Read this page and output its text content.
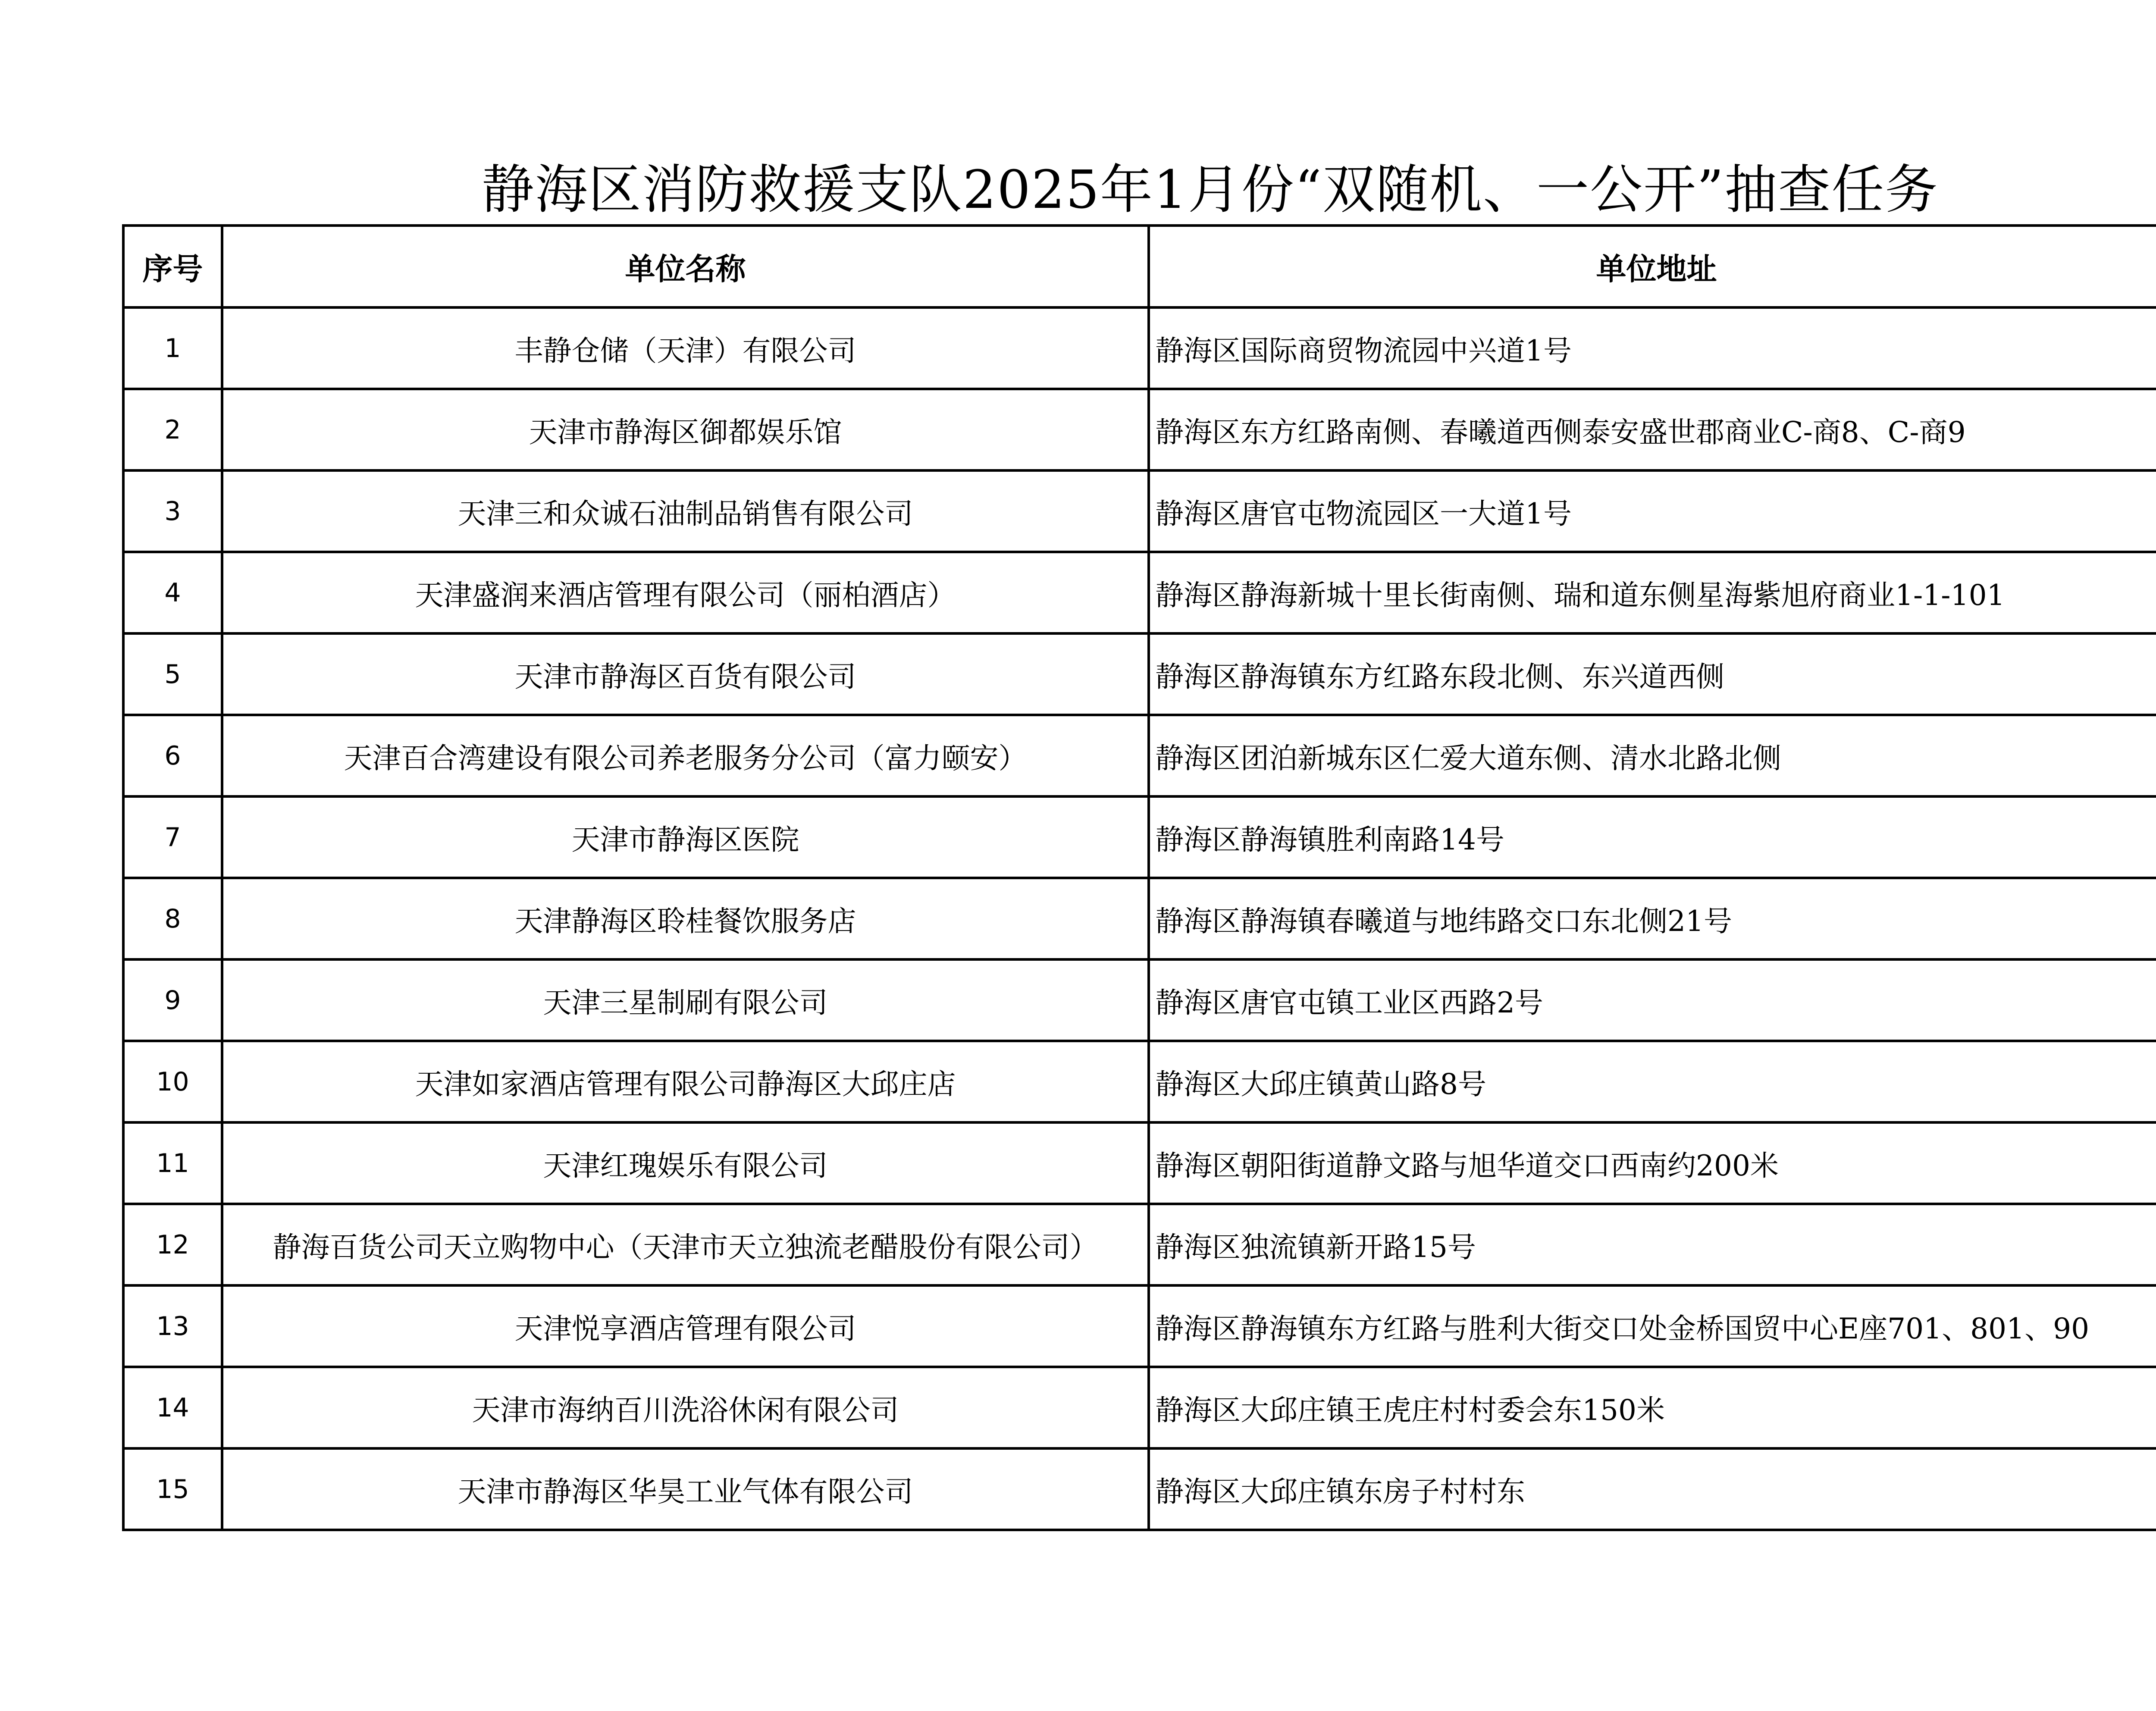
静海区消防救援支队2025年1月份“双随机、一公开”抽查任务
序号	单位名称	单位地址	
1	丰静仓储（天津）有限公司	静海区国际商贸物流园中兴道1号	
2	天津市静海区御都娱乐馆	静海区东方红路南侧、春曦道西侧泰安盛世郡商业C-商8、C-商9	
3	天津三和众诚石油制品销售有限公司	静海区唐官屯物流园区一大道1号	
4	天津盛润来酒店管理有限公司（丽柏酒店）	静海区静海新城十里长街南侧、瑞和道东侧星海紫旭府商业1-1-101	
5	天津市静海区百货有限公司	静海区静海镇东方红路东段北侧、东兴道西侧	
6	天津百合湾建设有限公司养老服务分公司（富力颐安）	静海区团泊新城东区仁爱大道东侧、清水北路北侧	
7	天津市静海区医院	静海区静海镇胜利南路14号	
8	天津静海区聆桂餐饮服务店	静海区静海镇春曦道与地纬路交口东北侧21号	
9	天津三星制刷有限公司	静海区唐官屯镇工业区西路2号	
10	天津如家酒店管理有限公司静海区大邱庄店	静海区大邱庄镇黄山路8号	
11	天津红瑰娱乐有限公司	静海区朝阳街道静文路与旭华道交口西南约200米	
12	静海百货公司天立购物中心（天津市天立独流老醋股份有限公司）	静海区独流镇新开路15号	
13	天津悦享酒店管理有限公司	静海区静海镇东方红路与胜利大街交口处金桥国贸中心E座701、801、90	
14	天津市海纳百川洗浴休闲有限公司	静海区大邱庄镇王虎庄村村委会东150米	
15	天津市静海区华昊工业气体有限公司	静海区大邱庄镇东房子村村东	
